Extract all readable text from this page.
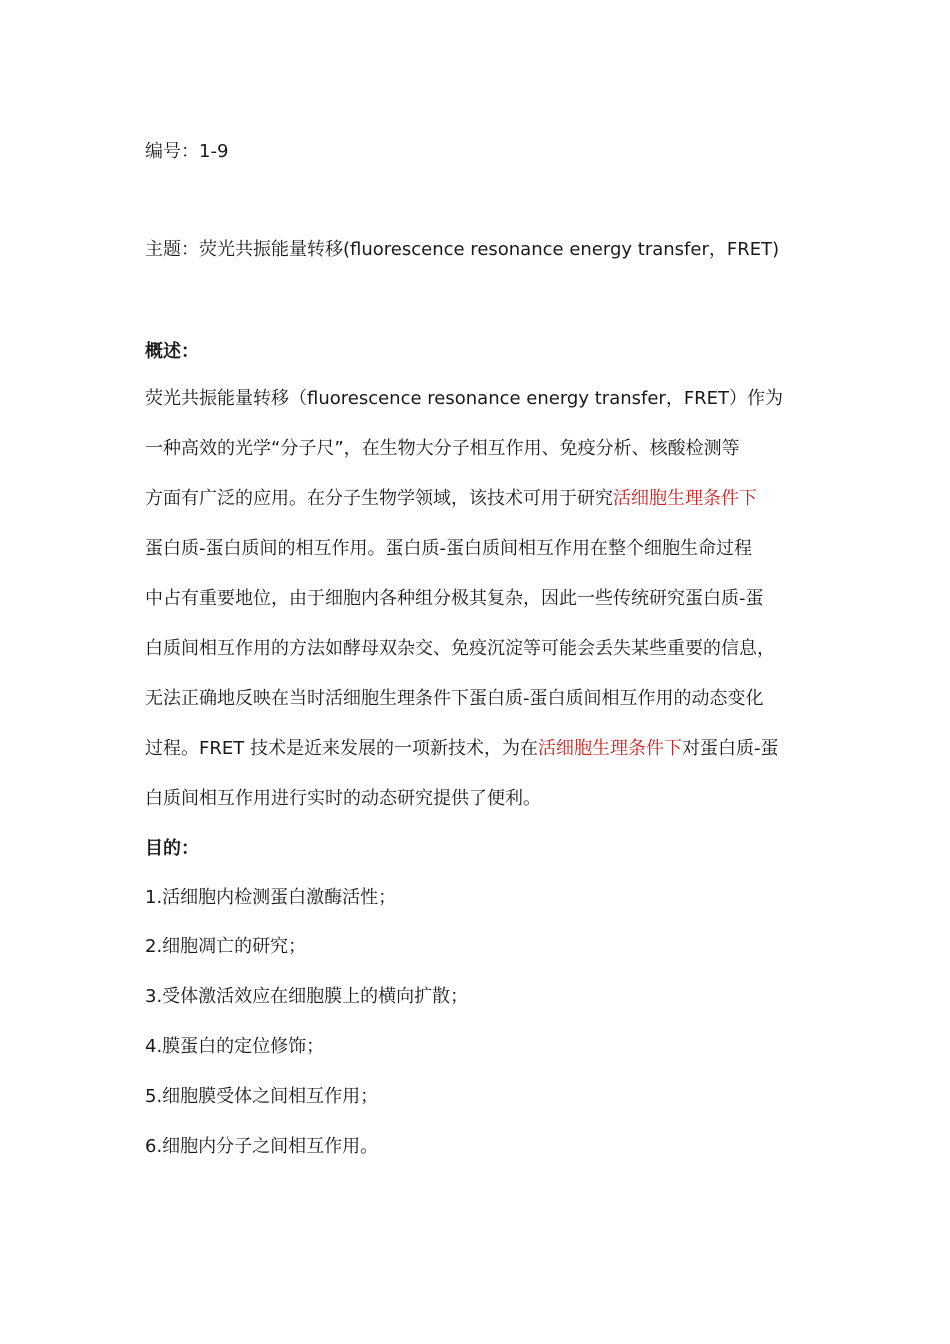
编号：1-9
主题：荧光共振能量转移(fluorescence resonance energy transfer，FRET)
概述：
荧光共振能量转移（fluorescence resonance energy transfer，FRET）作为
一种高效的光学“分子尺”，在生物大分子相互作用、免疫分析、核酸检测等
方面有广泛的应用。在分子生物学领域，该技术可用于研究活细胞生理条件下
蛋白质-蛋白质间的相互作用。蛋白质-蛋白质间相互作用在整个细胞生命过程
中占有重要地位，由于细胞内各种组分极其复杂，因此一些传统研究蛋白质-蛋
白质间相互作用的方法如酵母双杂交、免疫沉淀等可能会丢失某些重要的信息，
无法正确地反映在当时活细胞生理条件下蛋白质-蛋白质间相互作用的动态变化
过程。FRET 技术是近来发展的一项新技术，为在活细胞生理条件下对蛋白质-蛋
白质间相互作用进行实时的动态研究提供了便利。
目的：
1.活细胞内检测蛋白激酶活性；
2.细胞凋亡的研究；
3.受体激活效应在细胞膜上的横向扩散；
4.膜蛋白的定位修饰；
5.细胞膜受体之间相互作用；
6.细胞内分子之间相互作用。
